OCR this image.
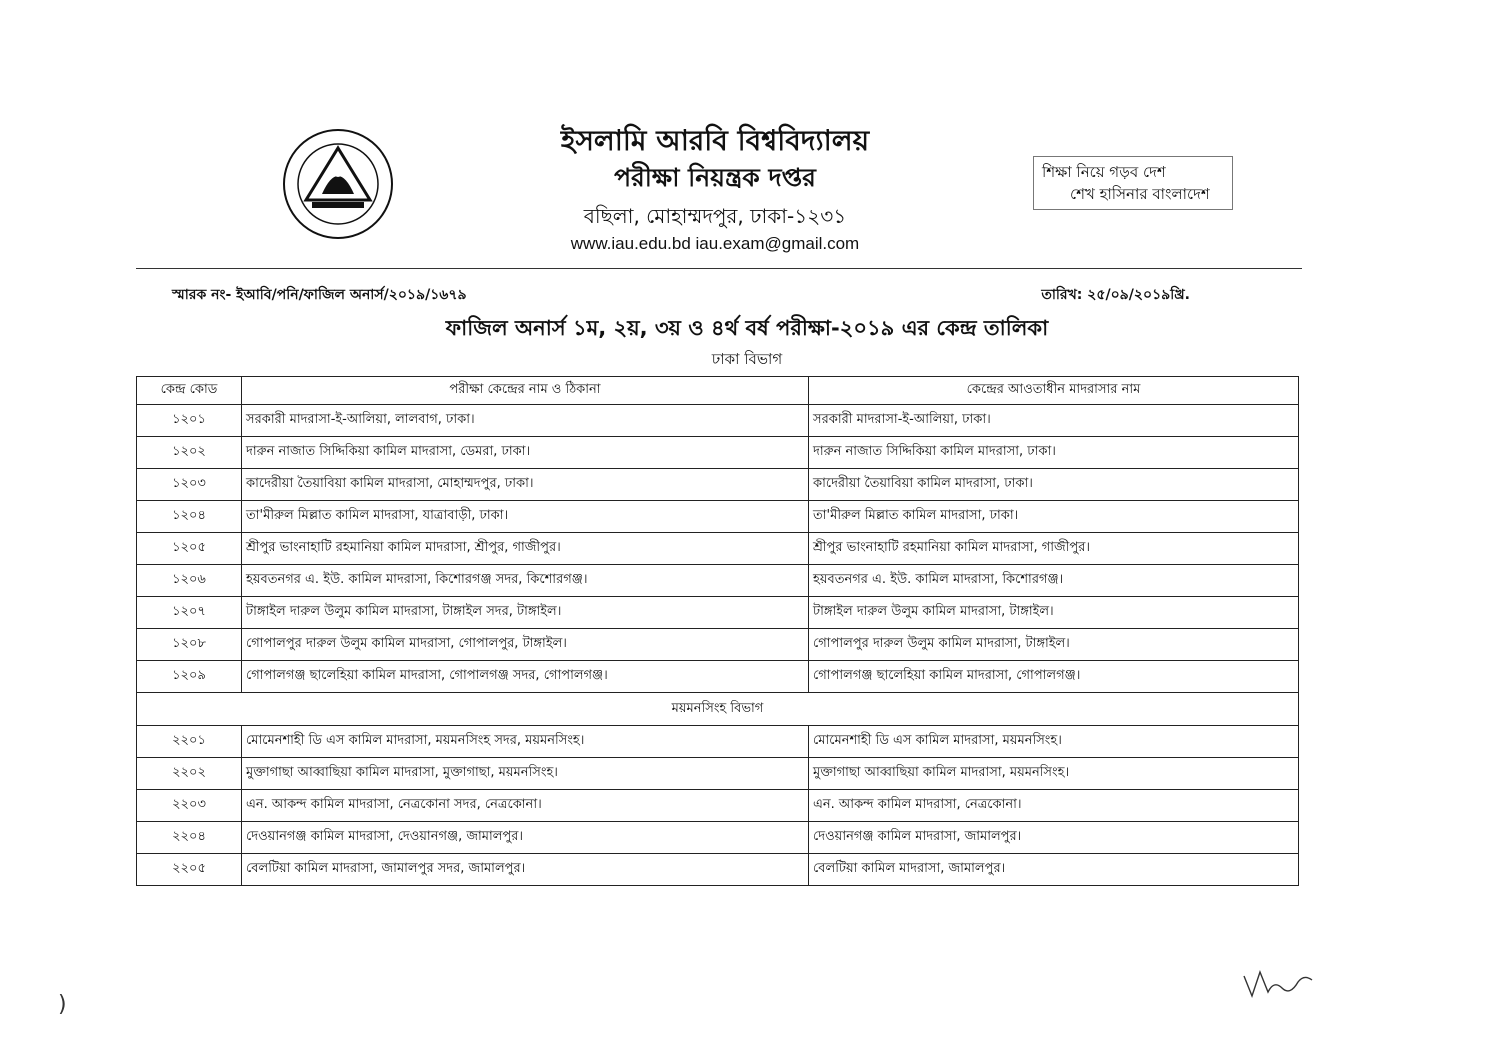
ইসলামি আরবি বিশ্ববিদ্যালয়
পরীক্ষা নিয়ন্ত্রক দপ্তর
বছিলা, মোহাম্মদপুর, ঢাকা-১২৩১
www.iau.edu.bd iau.exam@gmail.com
শিক্ষা নিয়ে গড়ব দেশ
শেখ হাসিনার বাংলাদেশ
স্মারক নং- ইআবি/পনি/ফাজিল অনার্স/২০১৯/১৬৭৯	তারিখ: ২৫/০৯/২০১৯খ্রি.
ফাজিল অনার্স ১ম, ২য়, ৩য় ও ৪র্থ বর্ষ পরীক্ষা-২০১৯ এর কেন্দ্র তালিকা
ঢাকা বিভাগ
কেন্দ্র কোড	পরীক্ষা কেন্দ্রের নাম ও ঠিকানা	কেন্দ্রের আওতাধীন মাদরাসার নাম
১২০১	সরকারী মাদরাসা-ই-আলিয়া, লালবাগ, ঢাকা।	সরকারী মাদরাসা-ই-আলিয়া, ঢাকা।
১২০২	দারুন নাজাত সিদ্দিকিয়া কামিল মাদরাসা, ডেমরা, ঢাকা।	দারুন নাজাত সিদ্দিকিয়া কামিল মাদরাসা, ঢাকা।
১২০৩	কাদেরীয়া তৈয়াবিয়া কামিল মাদরাসা, মোহাম্মদপুর, ঢাকা।	কাদেরীয়া তৈয়াবিয়া কামিল মাদরাসা, ঢাকা।
১২০৪	তা'মীরুল মিল্লাত কামিল মাদরাসা, যাত্রাবাড়ী, ঢাকা।	তা'মীরুল মিল্লাত কামিল মাদরাসা, ঢাকা।
১২০৫	শ্রীপুর ভাংনাহাটি রহমানিয়া কামিল মাদরাসা, শ্রীপুর, গাজীপুর।	শ্রীপুর ভাংনাহাটি রহমানিয়া কামিল মাদরাসা, গাজীপুর।
১২০৬	হয়বতনগর এ. ইউ. কামিল মাদরাসা, কিশোরগঞ্জ সদর, কিশোরগঞ্জ।	হয়বতনগর এ. ইউ. কামিল মাদরাসা, কিশোরগঞ্জ।
১২০৭	টাঙ্গাইল দারুল উলুম কামিল মাদরাসা, টাঙ্গাইল সদর, টাঙ্গাইল।	টাঙ্গাইল দারুল উলুম কামিল মাদরাসা, টাঙ্গাইল।
১২০৮	গোপালপুর দারুল উলুম কামিল মাদরাসা, গোপালপুর, টাঙ্গাইল।	গোপালপুর দারুল উলুম কামিল মাদরাসা, টাঙ্গাইল।
১২০৯	গোপালগঞ্জ ছালেহিয়া কামিল মাদরাসা, গোপালগঞ্জ সদর, গোপালগঞ্জ।	গোপালগঞ্জ ছালেহিয়া কামিল মাদরাসা, গোপালগঞ্জ।
ময়মনসিংহ বিভাগ		
২২০১	মোমেনশাহী ডি এস কামিল মাদরাসা, ময়মনসিংহ সদর, ময়মনসিংহ।	মোমেনশাহী ডি এস কামিল মাদরাসা, ময়মনসিংহ।
২২০২	মুক্তাগাছা আব্বাছিয়া কামিল মাদরাসা, মুক্তাগাছা, ময়মনসিংহ।	মুক্তাগাছা আব্বাছিয়া কামিল মাদরাসা, ময়মনসিংহ।
২২০৩	এন. আকন্দ কামিল মাদরাসা, নেত্রকোনা সদর, নেত্রকোনা।	এন. আকন্দ কামিল মাদরাসা, নেত্রকোনা।
২২০৪	দেওয়ানগঞ্জ কামিল মাদরাসা, দেওয়ানগঞ্জ, জামালপুর।	দেওয়ানগঞ্জ কামিল মাদরাসা, জামালপুর।
২২০৫	বেলটিয়া কামিল মাদরাসা, জামালপুর সদর, জামালপুর।	বেলটিয়া কামিল মাদরাসা, জামালপুর।
)
